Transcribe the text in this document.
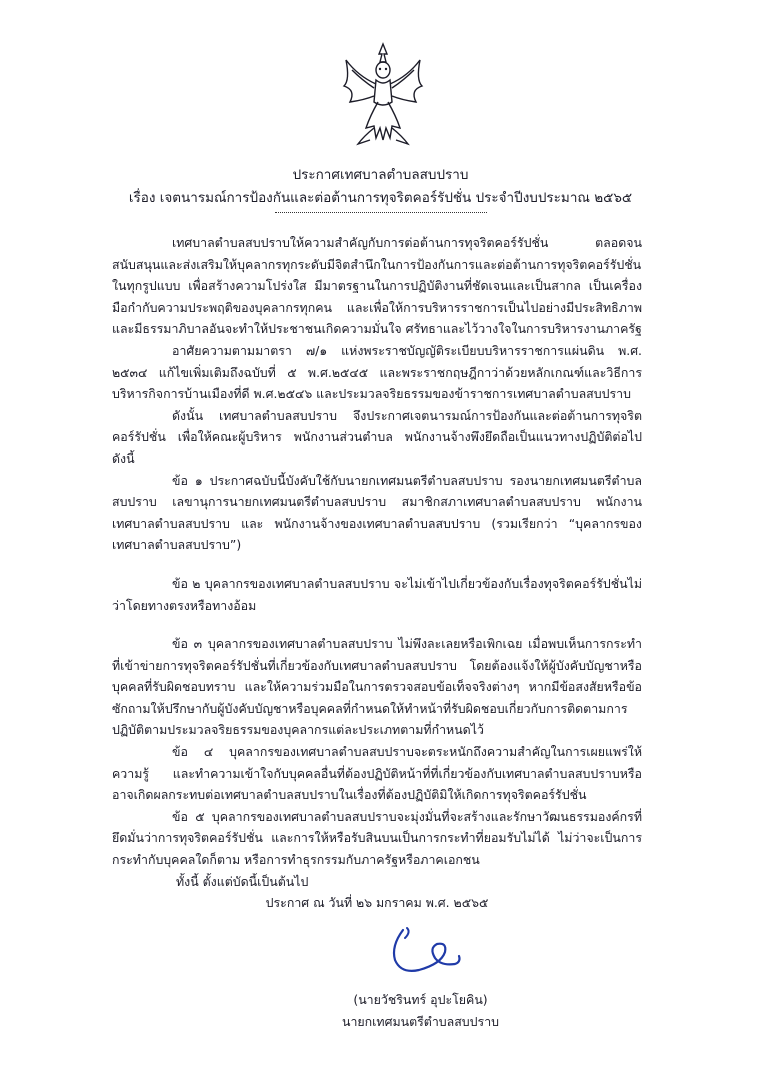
ประกาศเทศบาลตำบลสบปราบ
เรื่อง เจตนารมณ์การป้องกันและต่อต้านการทุจริตคอร์รัปชั่น ประจำปีงบประมาณ ๒๕๖๕

เทศบาลตำบลสบปราบให้ความสำคัญกับการต่อต้านการทุจริตคอร์รัปชั่น ตลอดจนสนับสนุนและส่งเสริมให้บุคลากรทุกระดับมีจิตสำนึกในการป้องกันการและต่อต้านการทุจริตคอร์รัปชั่นในทุกรูปแบบ เพื่อสร้างความโปร่งใส มีมาตรฐานในการปฏิบัติงานที่ชัดเจนและเป็นสากล เป็นเครื่องมือกำกับความประพฤติของบุคลากรทุกคน และเพื่อให้การบริหารราชการเป็นไปอย่างมีประสิทธิภาพและมีธรรมาภิบาลอันจะทำให้ประชาชนเกิดความมั่นใจ ศรัทธาและไว้วางใจในการบริหารงานภาครัฐ

อาศัยความตามมาตรา ๗/๑ แห่งพระราชบัญญัติระเบียบบริหารราชการแผ่นดิน พ.ศ. ๒๕๓๔ แก้ไขเพิ่มเติมถึงฉบับที่ ๕ พ.ศ.๒๕๔๕ และพระราชกฤษฎีกาว่าด้วยหลักเกณฑ์และวิธีการบริหารกิจการบ้านเมืองที่ดี พ.ศ.๒๕๔๖ และประมวลจริยธรรมของข้าราชการเทศบาลตำบลสบปราบ

ดังนั้น เทศบาลตำบลสบปราบ จึงประกาศเจตนารมณ์การป้องกันและต่อต้านการทุจริตคอร์รัปชั่น เพื่อให้คณะผู้บริหาร พนักงานส่วนตำบล พนักงานจ้างพึงยึดถือเป็นแนวทางปฏิบัติต่อไป ดังนี้

ข้อ ๑ ประกาศฉบับนี้บังคับใช้กับนายกเทศมนตรีตำบลสบปราบ รองนายกเทศมนตรีตำบลสบปราบ เลขานุการนายกเทศมนตรีตำบลสบปราบ สมาชิกสภาเทศบาลตำบลสบปราบ พนักงานเทศบาลตำบลสบปราบ และ พนักงานจ้างของเทศบาลตำบลสบปราบ (รวมเรียกว่า “บุคลากรของเทศบาลตำบลสบปราบ”)

ข้อ ๒ บุคลากรของเทศบาลตำบลสบปราบ จะไม่เข้าไปเกี่ยวข้องกับเรื่องทุจริตคอร์รัปชั่นไม่ว่าโดยทางตรงหรือทางอ้อม

ข้อ ๓ บุคลากรของเทศบาลตำบลสบปราบ ไม่พึงละเลยหรือเพิกเฉย เมื่อพบเห็นการกระทำที่เข้าข่ายการทุจริตคอร์รัปชั่นที่เกี่ยวข้องกับเทศบาลตำบลสบปราบ โดยต้องแจ้งให้ผู้บังคับบัญชาหรือบุคคลที่รับผิดชอบทราบ และให้ความร่วมมือในการตรวจสอบข้อเท็จจริงต่างๆ หากมีข้อสงสัยหรือข้อซักถามให้ปรึกษากับผู้บังคับบัญชาหรือบุคคลที่กำหนดให้ทำหน้าที่รับผิดชอบเกี่ยวกับการติดตามการปฏิบัติตามประมวลจริยธรรมของบุคลากรแต่ละประเภทตามที่กำหนดไว้

ข้อ ๔ บุคลากรของเทศบาลตำบลสบปราบจะตระหนักถึงความสำคัญในการเผยแพร่ให้ความรู้ และทำความเข้าใจกับบุคคลอื่นที่ต้องปฏิบัติหน้าที่ที่เกี่ยวข้องกับเทศบาลตำบลสบปราบหรืออาจเกิดผลกระทบต่อเทศบาลตำบลสบปราบในเรื่องที่ต้องปฏิบัติมิให้เกิดการทุจริตคอร์รัปชั่น

ข้อ ๕ บุคลากรของเทศบาลตำบลสบปราบจะมุ่งมั่นที่จะสร้างและรักษาวัฒนธรรมองค์กรที่ยึดมั่นว่าการทุจริตคอร์รัปชั่น และการให้หรือรับสินบนเป็นการกระทำที่ยอมรับไม่ได้ ไม่ว่าจะเป็นการกระทำกับบุคคลใดก็ตาม หรือการทำธุรกรรมกับภาครัฐหรือภาคเอกชน

ทั้งนี้ ตั้งแต่บัดนี้เป็นต้นไป

ประกาศ ณ วันที่ ๒๖ มกราคม พ.ศ. ๒๕๖๕

(นายวัชรินทร์ อุปะโยคิน)
นายกเทศมนตรีตำบลสบปราบ
